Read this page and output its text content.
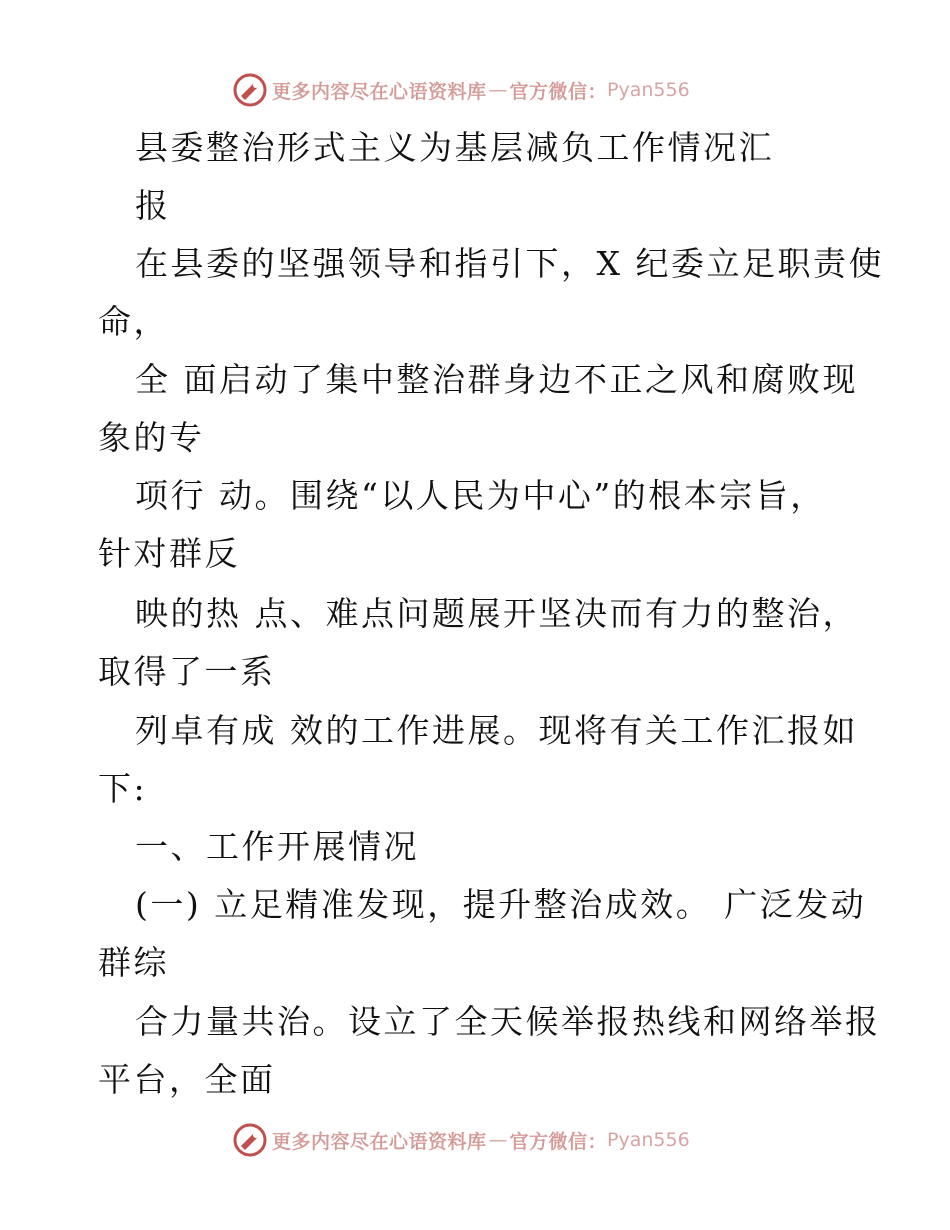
更多内容尽在心语资料库 — 官方微信： Pyan556

县委整治形式主义为基层减负工作情况汇

报

在县委的坚强领导和指引下，X 纪委立足职责使

命，

全 面启动了集中整治群身边不正之风和腐败现

象的专

项行 动。围绕“以人民为中心”的根本宗旨，

针对群反

映的热 点、难点问题展开坚决而有力的整治，

取得了一系

列卓有成 效的工作进展。现将有关工作汇报如

下:

一、工作开展情况

(一) 立足精准发现，提升整治成效。 广泛发动

群综

合力量共治。设立了全天候举报热线和网络举报

平台，全面

更多内容尽在心语资料库 — 官方微信： Pyan556
